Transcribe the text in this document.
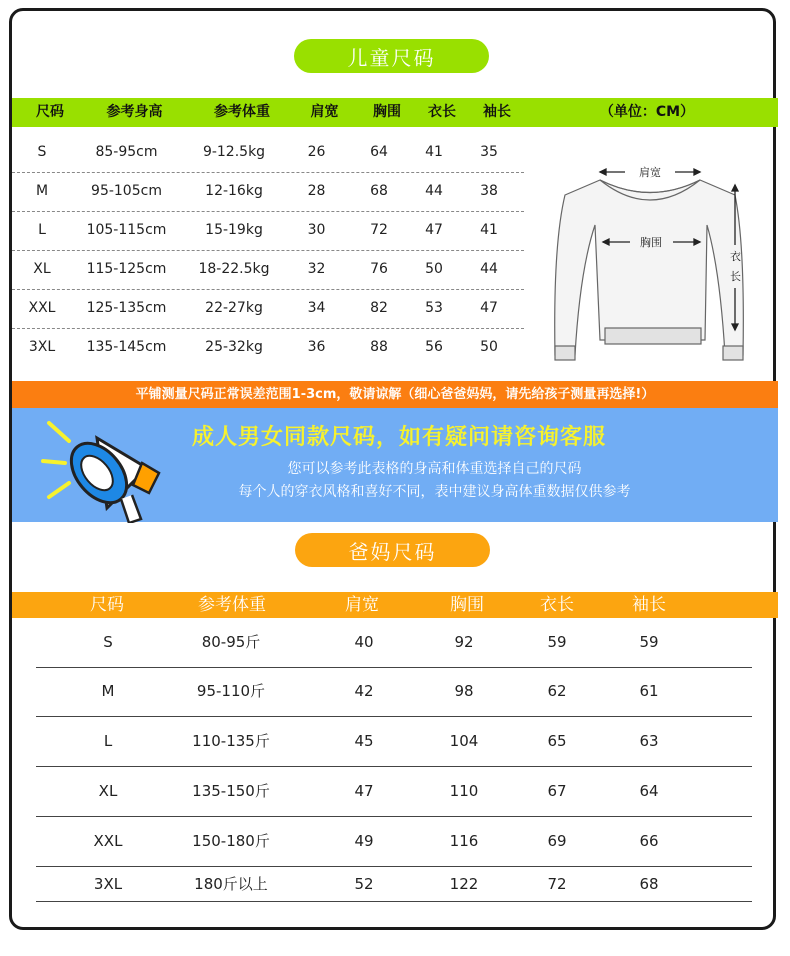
儿童尺码
尺码	参考身高	参考体重	肩宽	胸围	衣长	袖长	（单位：CM）
S	85-95cm	9-12.5kg	26	64	41	35
M	95-105cm	12-16kg	28	68	44	38
L	105-115cm	15-19kg	30	72	47	41
XL	115-125cm	18-22.5kg	32	76	50	44
XXL	125-135cm	22-27kg	34	82	53	47
3XL	135-145cm	25-32kg	36	88	56	50
肩宽
胸围
衣
长
平铺测量尺码正常误差范围1-3cm，敬请谅解（细心爸爸妈妈，请先给孩子测量再选择!）
成人男女同款尺码，如有疑问请咨询客服
您可以参考此表格的身高和体重选择自己的尺码
每个人的穿衣风格和喜好不同，表中建议身高体重数据仅供参考
爸妈尺码
尺码	参考体重	肩宽	胸围	衣长	袖长
S	80-95斤	40	92	59	59
M	95-110斤	42	98	62	61
L	110-135斤	45	104	65	63
XL	135-150斤	47	110	67	64
XXL	150-180斤	49	116	69	66
3XL	180斤以上	52	122	72	68
